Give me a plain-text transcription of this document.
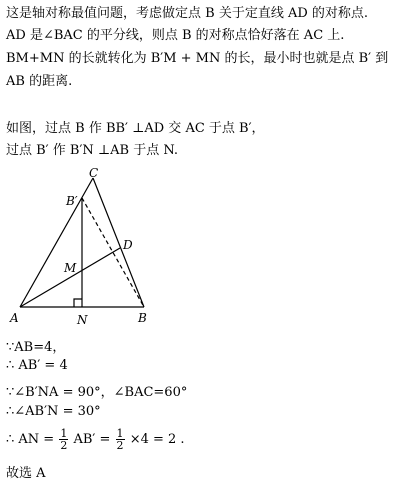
这是轴对称最值问题，考虑做定点 B 关于定直线 AD 的对称点.
AD 是∠BAC 的平分线，则点 B 的对称点恰好落在 AC 上.
BM+MN 的长就转化为 B′M + MN 的长，最小时也就是点 B′ 到
AB 的距离.
如图，过点 B 作 BB′ ⊥AD 交 AC 于点 B′，
过点 B′ 作 B′N ⊥AB 于点 N.
C
B′
D
M
A	N	B
∵AB=4，
∴ AB′ = 4
∵∠B′NA = 90°，∠BAC=60°
∴∠AB′N = 30°
∴ AN = $\frac{1}{2} AB' = \frac{1}{2} \times 4 = 2$ .
故选 A
